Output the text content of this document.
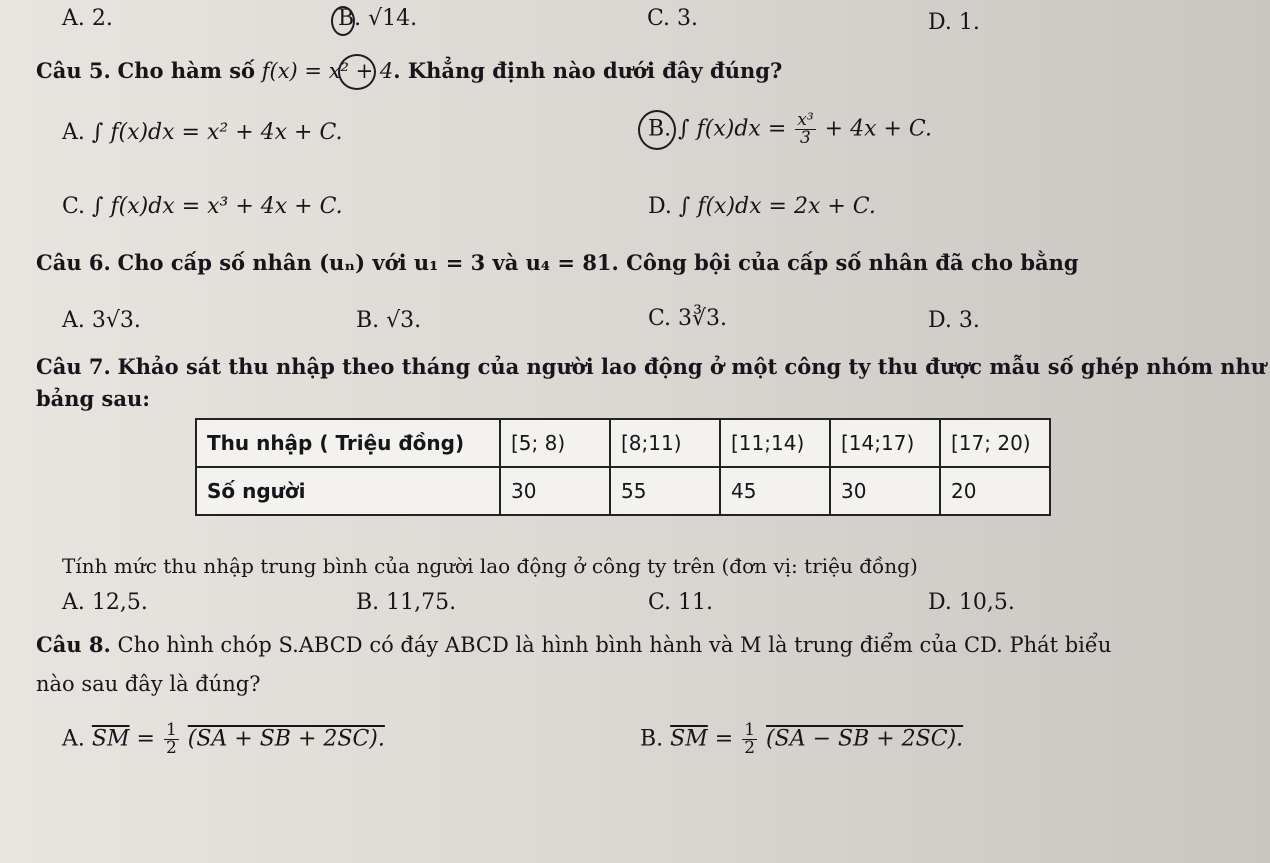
A. 2.	B. √14.	C. 3.	D. 1.
Câu 5. Cho hàm số f(x) = x² + 4. Khẳng định nào dưới đây đúng?
A. ∫ f(x)dx = x² + 4x + C.	B. ∫ $f(x)dx = \frac{\text{x³}}{3} + 4x + C$.
C. ∫ f(x)dx = x³ + 4x + C.	D. ∫ f(x)dx = 2x + C.
Câu 6. Cho cấp số nhân (uₙ) với u₁ = 3 và u₄ = 81. Công bội của cấp số nhân đã cho bằng
A. 3√3.	B. √3.	C. 3∛3.	D. 3.
Câu 7. Khảo sát thu nhập theo tháng của người lao động ở một công ty thu được mẫu số ghép nhóm như
bảng sau:
Thu nhập ( Triệu đồng)	[5; 8)	[8;11)	[11;14)	[14;17)	[17; 20)
Số người	30	55	45	30	20
Tính mức thu nhập trung bình của người lao động ở công ty trên (đơn vị: triệu đồng)
A. 12,5.	B. 11,75.	C. 11.	D. 10,5.
Câu 8. Cho hình chóp S.ABCD có đáy ABCD là hình bình hành và M là trung điểm của CD. Phát biểu
nào sau đây là đúng?
A. $\overline{SM} = \frac{1}{2} (SA$ + SB + 2SC).	B. $\overline{SM} = \frac{1}{2} (SA$ − SB + 2SC).
